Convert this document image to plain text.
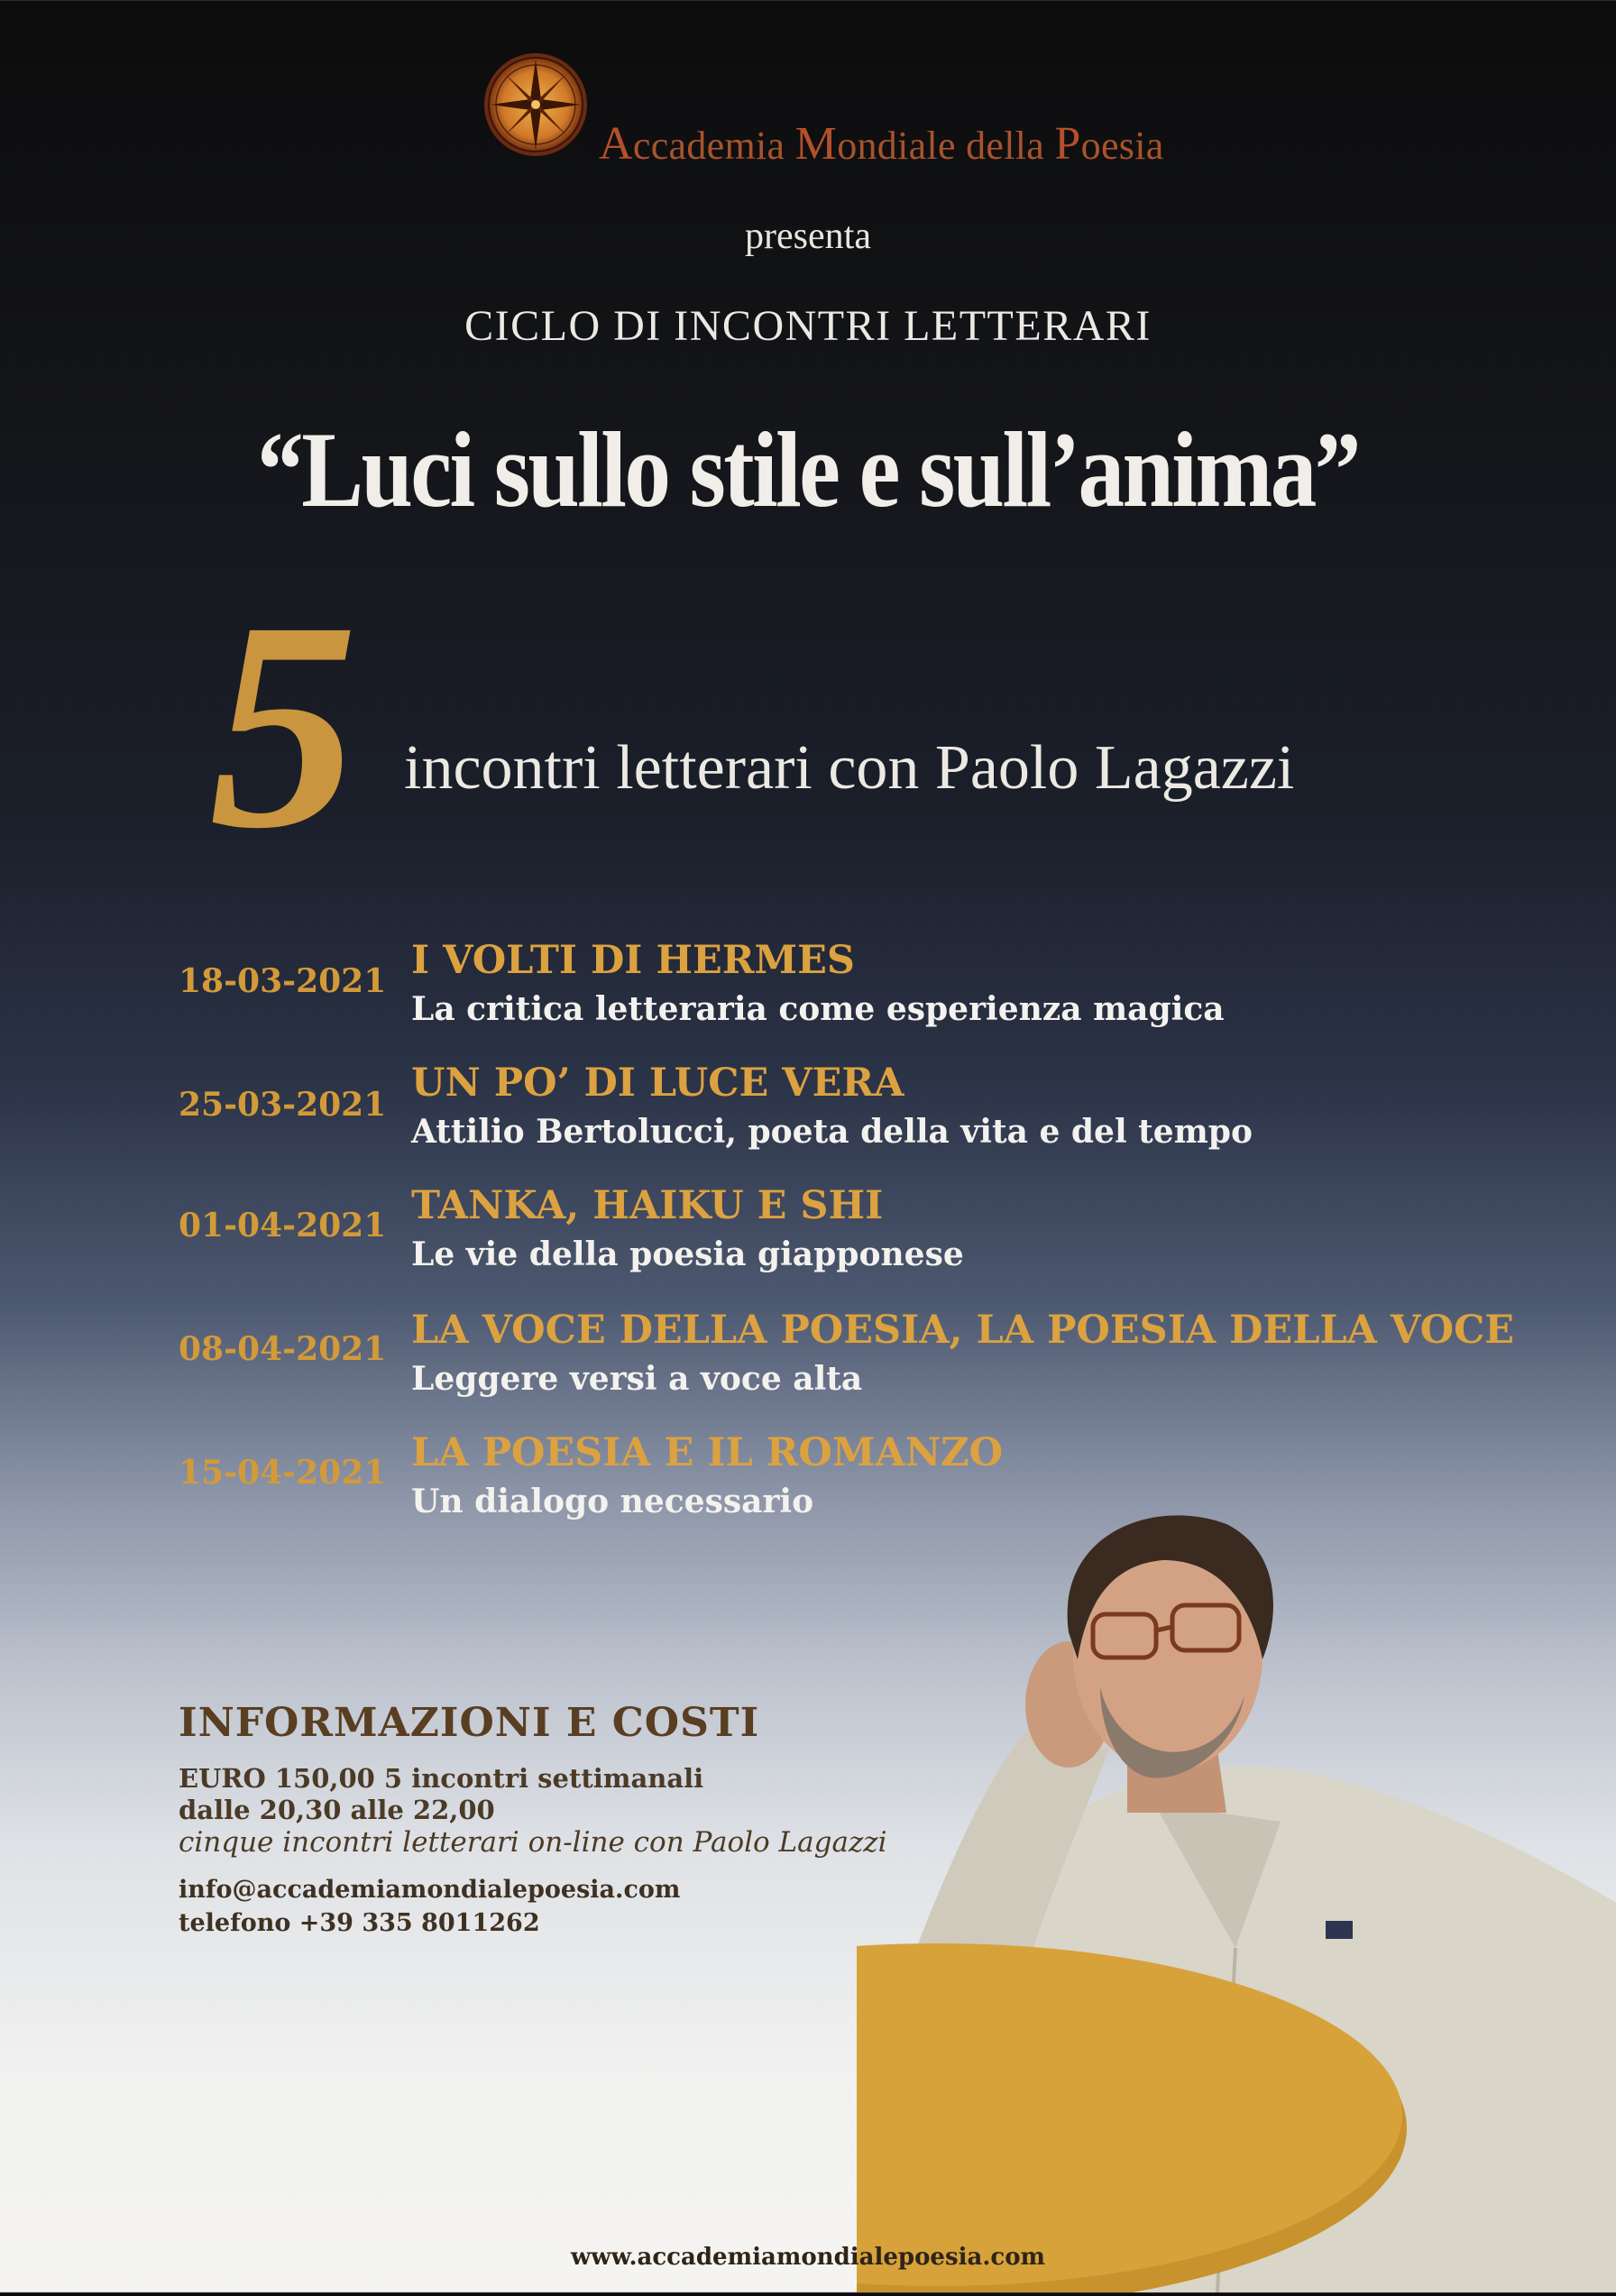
Accademia Mondiale della Poesia
presenta
CICLO DI INCONTRI LETTERARI
“Luci sullo stile e sull’anima”
5 incontri letterari con Paolo Lagazzi
18-03-2021 I VOLTI DI HERMES
La critica letteraria come esperienza magica
25-03-2021 UN PO’ DI LUCE VERA
Attilio Bertolucci, poeta della vita e del tempo
01-04-2021 TANKA, HAIKU E SHI
Le vie della poesia giapponese
08-04-2021 LA VOCE DELLA POESIA, LA POESIA DELLA VOCE
Leggere versi a voce alta
15-04-2021 LA POESIA E IL ROMANZO
Un dialogo necessario
INFORMAZIONI E COSTI
EURO 150,00 5 incontri settimanali
dalle 20,30 alle 22,00
cinque incontri letterari on-line con Paolo Lagazzi
info@accademiamondialepoesia.com
telefono +39 335 8011262
www.accademiamondialepoesia.com
